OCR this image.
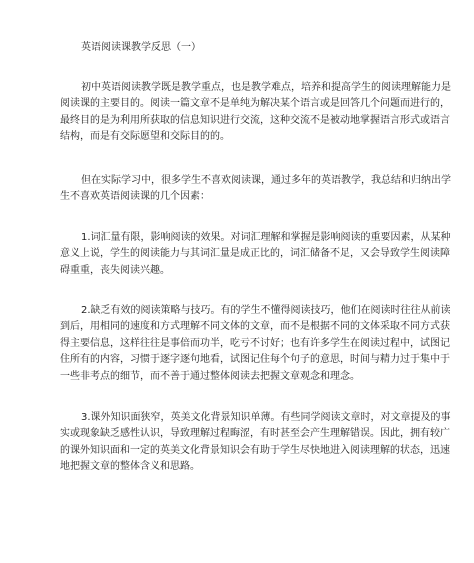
英语阅读课教学反思（一）
初中英语阅读教学既是教学重点，也是教学难点，培养和提高学生的阅读理解能力是
阅读课的主要目的。阅读一篇文章不是单纯为解决某个语言或是回答几个问题而进行的，
最终目的是为利用所获取的信息知识进行交流，这种交流不是被动地掌握语言形式或语言
结构，而是有交际愿望和交际目的的。
但在实际学习中，很多学生不喜欢阅读课，通过多年的英语教学，我总结和归纳出学
生不喜欢英语阅读课的几个因素：
1.词汇量有限，影响阅读的效果。对词汇理解和掌握是影响阅读的重要因素，从某种
意义上说，学生的阅读能力与其词汇量是成正比的，词汇储备不足，又会导致学生阅读障
碍重重，丧失阅读兴趣。
2.缺乏有效的阅读策略与技巧。有的学生不懂得阅读技巧，他们在阅读时往往从前读
到后，用相同的速度和方式理解不同文体的文章，而不是根据不同的文体采取不同方式获
得主要信息，这样往往是事倍而功半，吃亏不讨好；也有许多学生在阅读过程中，试图记
住所有的内容，习惯于逐字逐句地看，试图记住每个句子的意思，时间与精力过于集中于
一些非考点的细节，而不善于通过整体阅读去把握文章观念和理念。
3.课外知识面狭窄，英美文化背景知识单薄。有些同学阅读文章时，对文章提及的事
实或现象缺乏感性认识，导致理解过程晦涩，有时甚至会产生理解错误。因此，拥有较广
的课外知识面和一定的英美文化背景知识会有助于学生尽快地进入阅读理解的状态，迅速
地把握文章的整体含义和思路。
